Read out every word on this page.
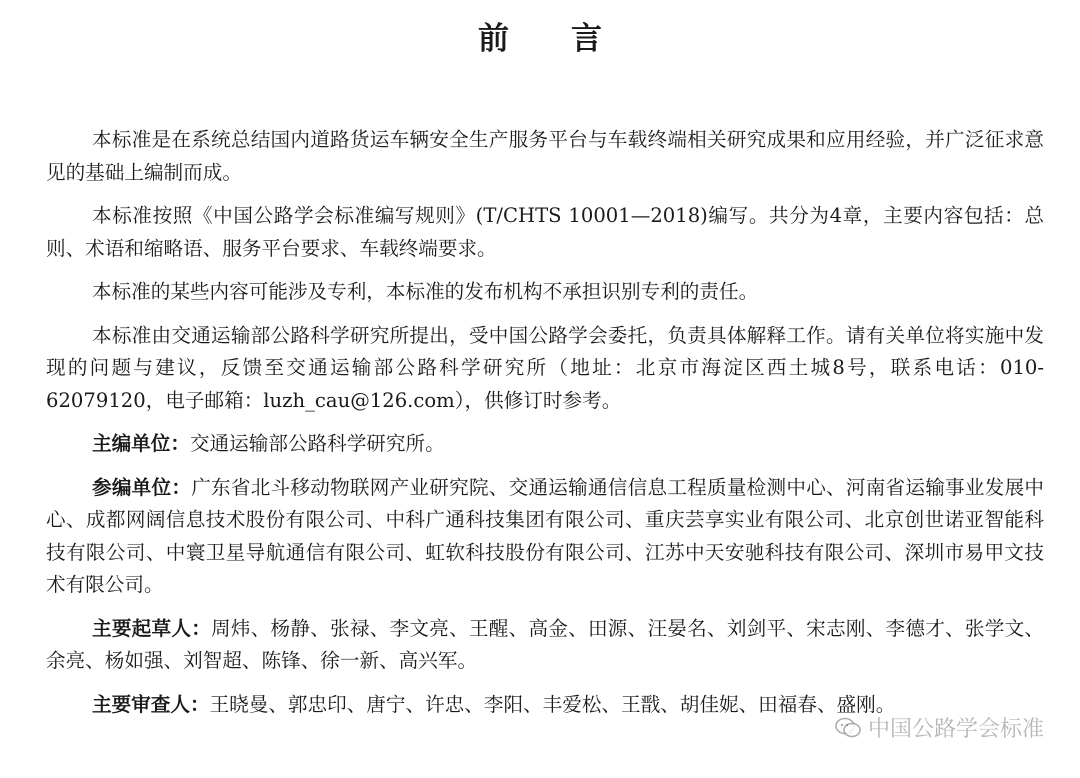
前言

本标准是在系统总结国内道路货运车辆安全生产服务平台与车载终端相关研究成果和应用经验，并广泛征求意见的基础上编制而成。

本标准按照《中国公路学会标准编写规则》(T/CHTS 10001—2018)编写。共分为4章，主要内容包括：总则、术语和缩略语、服务平台要求、车载终端要求。

本标准的某些内容可能涉及专利，本标准的发布机构不承担识别专利的责任。

本标准由交通运输部公路科学研究所提出，受中国公路学会委托，负责具体解释工作。请有关单位将实施中发现的问题与建议，反馈至交通运输部公路科学研究所（地址：北京市海淀区西土城8号，联系电话：010-62079120，电子邮箱：luzh_cau@126.com），供修订时参考。

主编单位：交通运输部公路科学研究所。

参编单位：广东省北斗移动物联网产业研究院、交通运输通信信息工程质量检测中心、河南省运输事业发展中心、成都网阔信息技术股份有限公司、中科广通科技集团有限公司、重庆芸享实业有限公司、北京创世诺亚智能科技有限公司、中寰卫星导航通信有限公司、虹软科技股份有限公司、江苏中天安驰科技有限公司、深圳市易甲文技术有限公司。

主要起草人：周炜、杨静、张禄、李文亮、王醒、高金、田源、汪晏名、刘剑平、宋志刚、李德才、张学文、余亮、杨如强、刘智超、陈锋、徐一新、高兴军。

主要审查人：王晓曼、郭忠印、唐宁、许忠、李阳、丰爱松、王戬、胡佳妮、田福春、盛刚。

中国公路学会标准
